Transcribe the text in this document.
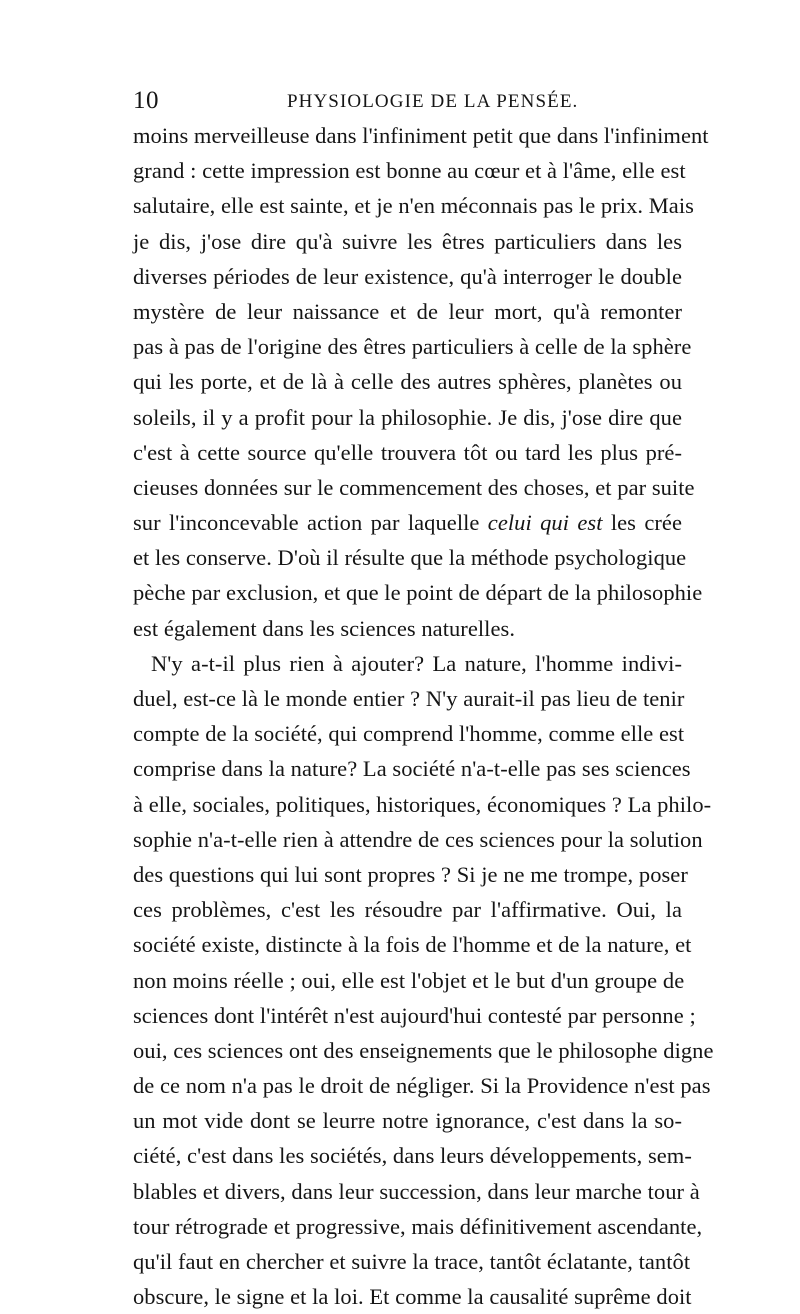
10	PHYSIOLOGIE DE LA PENSÉE.
moins merveilleuse dans l'infiniment petit que dans l'infiniment
grand : cette impression est bonne au cœur et à l'âme, elle est
salutaire, elle est sainte, et je n'en méconnais pas le prix. Mais
je dis, j'ose dire qu'à suivre les êtres particuliers dans les
diverses périodes de leur existence, qu'à interroger le double
mystère de leur naissance et de leur mort, qu'à remonter
pas à pas de l'origine des êtres particuliers à celle de la sphère
qui les porte, et de là à celle des autres sphères, planètes ou
soleils, il y a profit pour la philosophie. Je dis, j'ose dire que
c'est à cette source qu'elle trouvera tôt ou tard les plus pré-
cieuses données sur le commencement des choses, et par suite
sur l'inconcevable action par laquelle celui qui est les crée
et les conserve. D'où il résulte que la méthode psychologique
pèche par exclusion, et que le point de départ de la philosophie
est également dans les sciences naturelles.
N'y a-t-il plus rien à ajouter? La nature, l'homme indivi-
duel, est-ce là le monde entier ? N'y aurait-il pas lieu de tenir
compte de la société, qui comprend l'homme, comme elle est
comprise dans la nature? La société n'a-t-elle pas ses sciences
à elle, sociales, politiques, historiques, économiques ? La philo-
sophie n'a-t-elle rien à attendre de ces sciences pour la solution
des questions qui lui sont propres ? Si je ne me trompe, poser
ces problèmes, c'est les résoudre par l'affirmative. Oui, la
société existe, distincte à la fois de l'homme et de la nature, et
non moins réelle ; oui, elle est l'objet et le but d'un groupe de
sciences dont l'intérêt n'est aujourd'hui contesté par personne ;
oui, ces sciences ont des enseignements que le philosophe digne
de ce nom n'a pas le droit de négliger. Si la Providence n'est pas
un mot vide dont se leurre notre ignorance, c'est dans la so-
ciété, c'est dans les sociétés, dans leurs développements, sem-
blables et divers, dans leur succession, dans leur marche tour à
tour rétrograde et progressive, mais définitivement ascendante,
qu'il faut en chercher et suivre la trace, tantôt éclatante, tantôt
obscure, le signe et la loi. Et comme la causalité suprême doit
